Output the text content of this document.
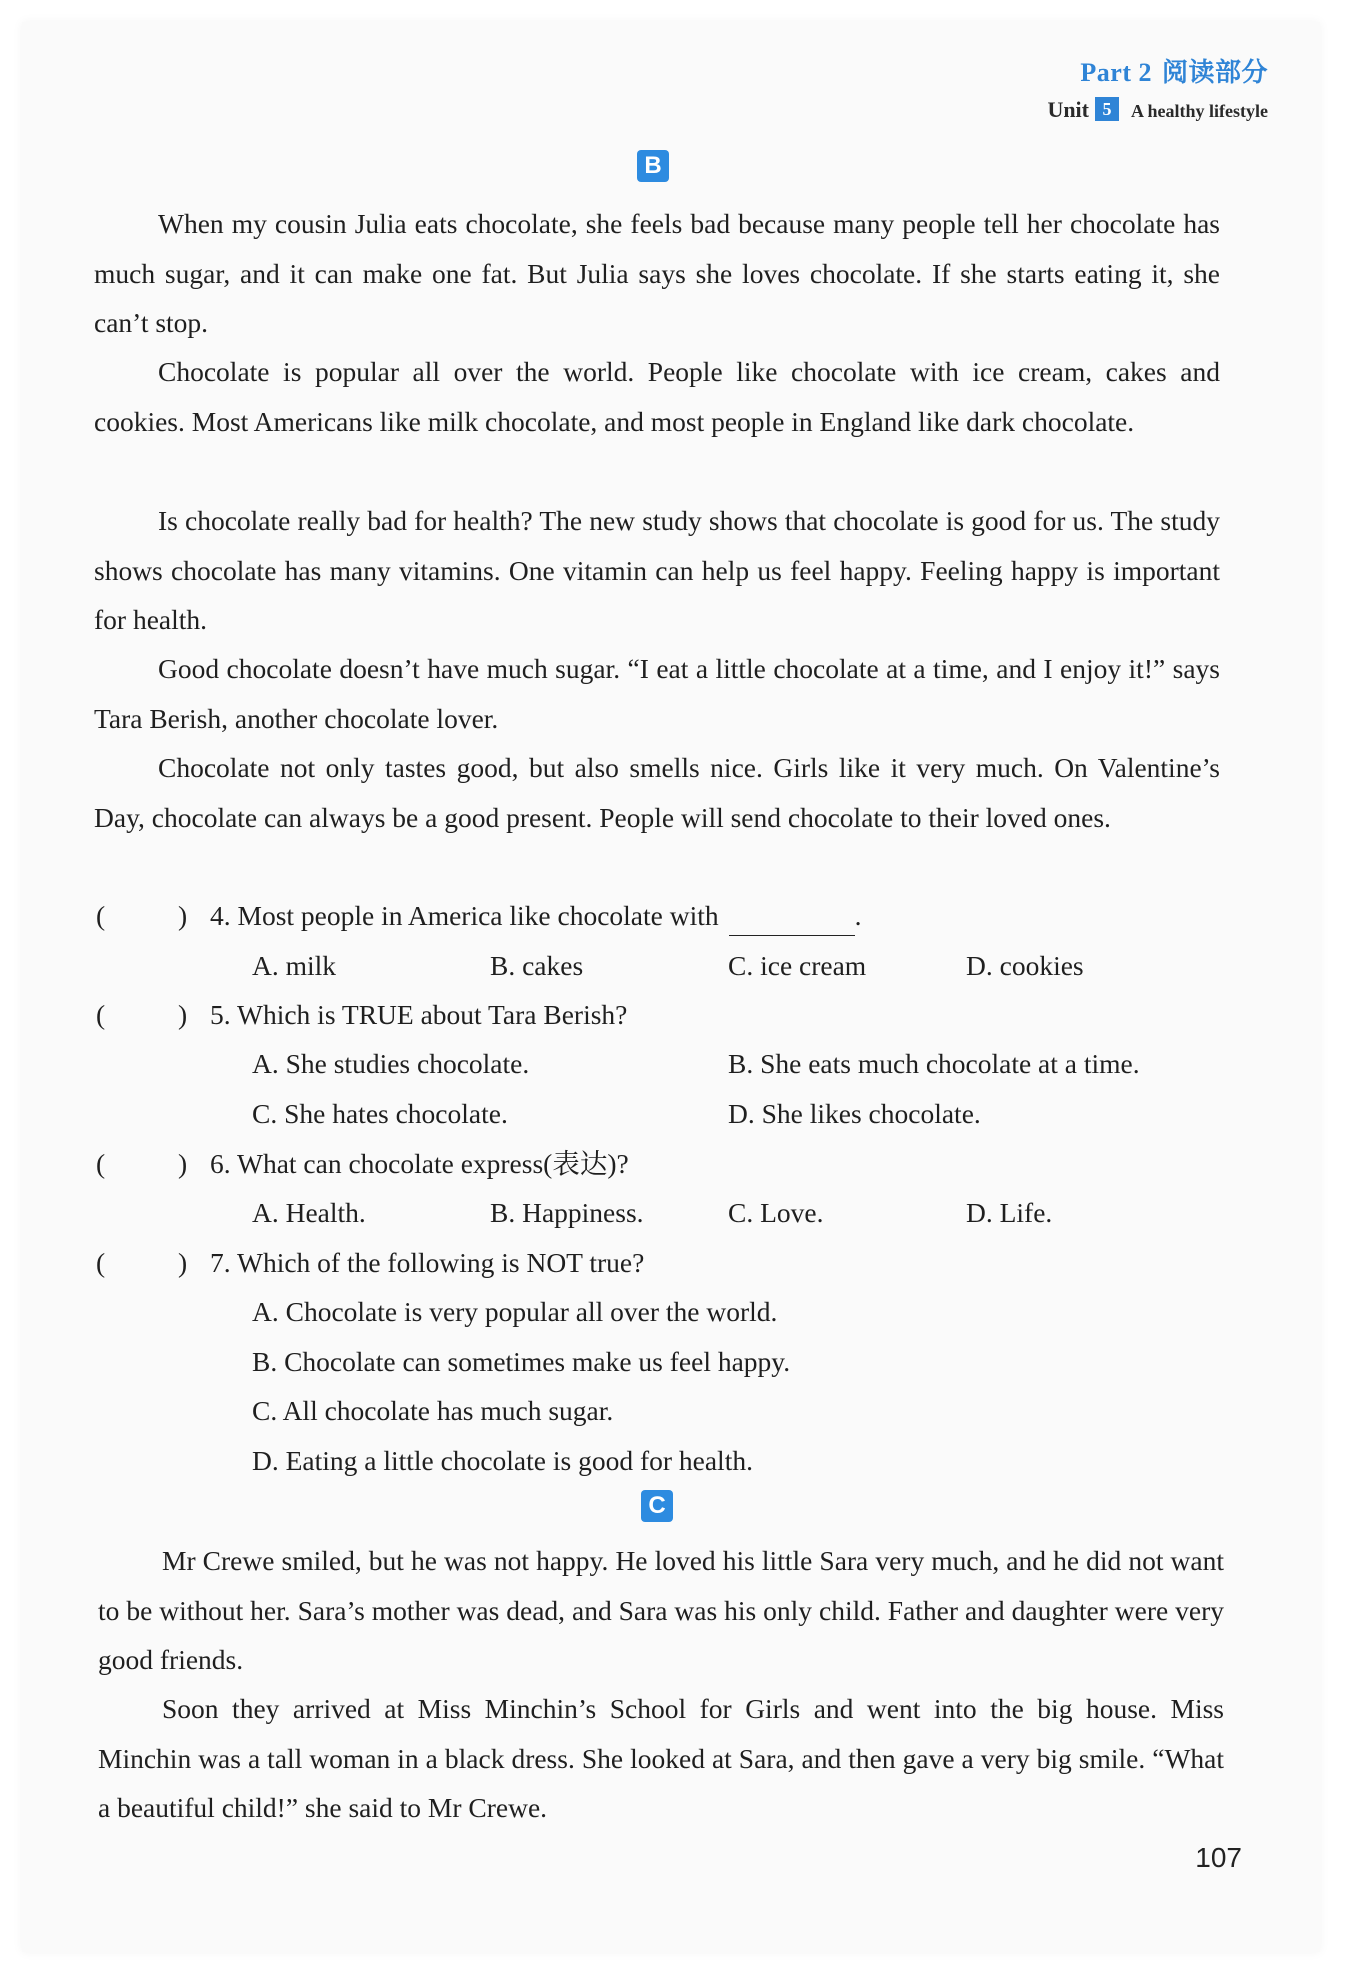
Part 2 阅读部分
Unit 5 A healthy lifestyle
B
When my cousin Julia eats chocolate, she feels bad because many people tell her chocolate has much sugar, and it can make one fat. But Julia says she loves chocolate. If she starts eating it, she can’t stop.
Chocolate is popular all over the world. People like chocolate with ice cream, cakes and cookies. Most Americans like milk chocolate, and most people in England like dark chocolate.
Is chocolate really bad for health? The new study shows that chocolate is good for us. The study shows chocolate has many vitamins. One vitamin can help us feel happy. Feeling happy is important for health.
Good chocolate doesn’t have much sugar. “I eat a little chocolate at a time, and I enjoy it!” says Tara Berish, another chocolate lover.
Chocolate not only tastes good, but also smells nice. Girls like it very much. On Valentine’s Day, chocolate can always be a good present. People will send chocolate to their loved ones.
(	) 4. Most people in America like chocolate with	.
A. milk	B. cakes	C. ice cream	D. cookies
(	) 5. Which is TRUE about Tara Berish?
A. She studies chocolate.	B. She eats much chocolate at a time.
C. She hates chocolate.	D. She likes chocolate.
(	) 6. What can chocolate express(表达)?
A. Health.	B. Happiness.	C. Love.	D. Life.
(	) 7. Which of the following is NOT true?
A. Chocolate is very popular all over the world.
B. Chocolate can sometimes make us feel happy.
C. All chocolate has much sugar.
D. Eating a little chocolate is good for health.
C
Mr Crewe smiled, but he was not happy. He loved his little Sara very much, and he did not want to be without her. Sara’s mother was dead, and Sara was his only child. Father and daughter were very good friends.
Soon they arrived at Miss Minchin’s School for Girls and went into the big house. Miss Minchin was a tall woman in a black dress. She looked at Sara, and then gave a very big smile. “What a beautiful child!” she said to Mr Crewe.
107
